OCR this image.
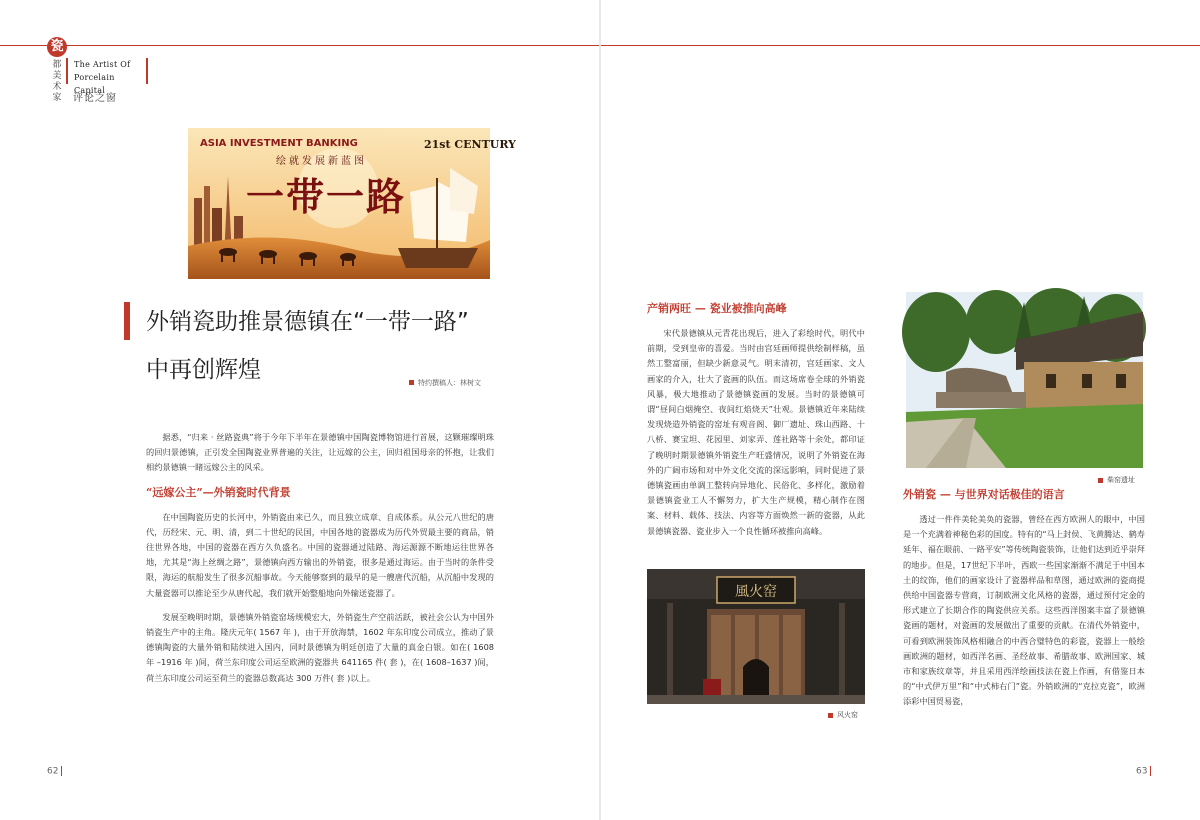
瓷
都美术家
The Artist Of
Porcelain Capital
评论之窗
ASIA INVESTMENT BANKING	21st CENTURY
绘就发展新蓝图
一带一路
外销瓷助推景德镇在“一带一路”
中再创辉煌	特约撰稿人：林树文

据悉，“归来 · 丝路瓷典”将于今年下半年在景德镇中国陶瓷博物馆进行首展，这颗璀璨明珠的回归景德镇，正引发全国陶瓷业界普遍的关注，让远嫁的公主，回归祖国母亲的怀抱，让我们相约景德镇一睹远嫁公主的风采。

“远嫁公主”—外销瓷时代背景

在中国陶瓷历史的长河中，外销瓷由来已久，而且独立成章、自成体系。从公元八世纪的唐代，历经宋、元、明、清，到二十世纪的民国，中国各地的瓷器成为历代外贸最主要的商品，销往世界各地，中国的瓷器在西方久负盛名。中国的瓷器通过陆路、海运源源不断地运往世界各地，尤其是“海上丝绸之路”，景德镇向西方输出的外销瓷，很多是通过海运。由于当时的条件受限，海运的航船发生了很多沉船事故。今天能够察到的最早的是一艘唐代沉船，从沉船中发现的大量瓷器可以推论至少从唐代起，我们就开始整船地向外输送瓷器了。

发展至晚明时期，景德镇外销瓷窑场规模宏大，外销瓷生产空前活跃，被社会公认为中国外销瓷生产中的主角。隆庆元年( 1567 年 )，由于开放海禁，1602 年东印度公司成立，推动了景德镇陶瓷的大量外销和陆续进入国内，同时景德镇为明廷创造了大量的真金白银。如在( 1608 年 –1916 年 )间，荷兰东印度公司运至欧洲的瓷器共 641165 件( 套 )，在( 1608–1637 )间，荷兰东印度公司运至荷兰的瓷器总数高达 300 万件( 套 )以上。

产销两旺 — 瓷业被推向高峰

宋代景德镇从元青花出现后，进入了彩绘时代，明代中前期，受到皇帝的喜爱。当时由宫廷画师提供绘制样稿，虽然工整富丽，但缺少新意灵气。明末清初，宫廷画家、文人画家的介入，壮大了瓷画的队伍。而这场席卷全球的外销瓷风暴，极大地推动了景德镇瓷画的发展。当时的景德镇可谓“昼间白烟掩空、夜间红焰烧天”壮观。景德镇近年来陆续发现烧造外销瓷的窑址有观音阁、御厂遗址、珠山西路、十八桥、赛宝坦、花园里、刘家弄、莲社路等十余处，都印证了晚明时期景德镇外销瓷生产旺盛情况，说明了外销瓷在海外的广阔市场和对中外文化交流的深远影响，同时促进了景德镇瓷画由单调工整转向异地化、民俗化、多样化，激励着景德镇瓷业工人不懈努力，扩大生产规模，精心制作在图案、材料、载体、技法、内容等方面焕然一新的瓷器，从此景德镇瓷器、瓷业步入一个良性循环被推向高峰。

風火窑
风火窑
柴窑遗址
外销瓷 — 与世界对话极佳的语言

透过一件件美轮美奂的瓷器，曾经在西方欧洲人的眼中，中国是一个充满着神秘色彩的国度。特有的“马上封侯、飞黄腾达、鹤寿延年、福在眼前、一路平安”等传统陶瓷装饰，让他们达到近乎崇拜的地步。但是，17世纪下半叶，西欧一些国家渐渐不满足于中国本土的纹饰，他们的画家设计了瓷器样品和草图，通过欧洲的瓷商提供给中国瓷器专营商，订制欧洲文化风格的瓷器，通过预付定金的形式建立了长期合作的陶瓷供应关系。这些西洋图案丰富了景德镇瓷画的题材，对瓷画的发展做出了重要的贡献。在清代外销瓷中，可看到欧洲装饰风格相融合的中西合璧特色的彩瓷，瓷器上一般绘画欧洲的题材，如西洋名画、圣经故事、希腊故事、欧洲国家、城市和家族纹章等，并且采用西洋绘画技法在瓷上作画，有借鉴日本的“中式伊万里”和“中式柿右门”瓷。外销欧洲的“克拉克瓷”，欧洲添彩中国贸易瓷，

62	63
